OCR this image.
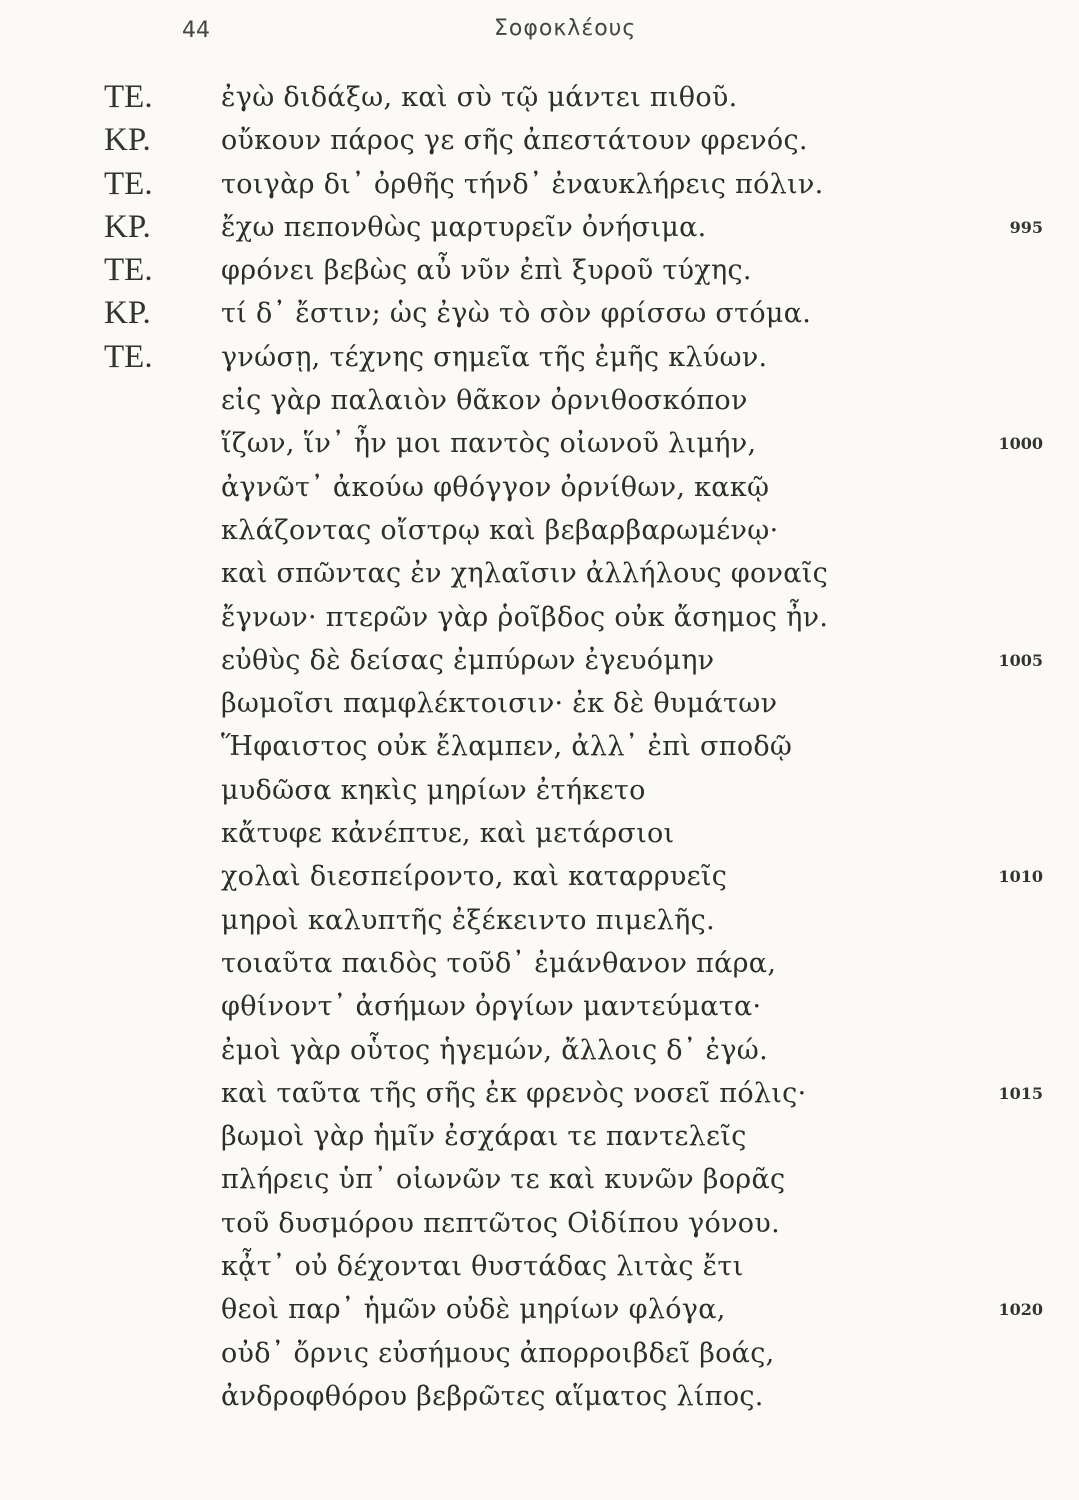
44	Σοφοκλέους
ΤΕ.	ἐγὼ διδάξω, καὶ σὺ τῷ μάντει πιθοῦ.
ΚΡ.	οὔκουν πάρος γε σῆς ἀπεστάτουν φρενός.
ΤΕ.	τοιγὰρ δι᾽ ὀρθῆς τήνδ᾽ ἐναυκλήρεις πόλιν.
ΚΡ.	ἔχω πεπονθὼς μαρτυρεῖν ὀνήσιμα.	995
ΤΕ.	φρόνει βεβὼς αὖ νῦν ἐπὶ ξυροῦ τύχης.
ΚΡ.	τί δ᾽ ἔστιν; ὡς ἐγὼ τὸ σὸν φρίσσω στόμα.
ΤΕ.	γνώσῃ, τέχνης σημεῖα τῆς ἐμῆς κλύων.
εἰς γὰρ παλαιὸν θᾶκον ὀρνιθοσκόπον
ἵζων, ἵν᾽ ἦν μοι παντὸς οἰωνοῦ λιμήν,	1000
ἀγνῶτ᾽ ἀκούω φθόγγον ὀρνίθων, κακῷ
κλάζοντας οἴστρῳ καὶ βεβαρβαρωμένῳ·
καὶ σπῶντας ἐν χηλαῖσιν ἀλλήλους φοναῖς
ἔγνων· πτερῶν γὰρ ῥοῖβδος οὐκ ἄσημος ἦν.
εὐθὺς δὲ δείσας ἐμπύρων ἐγευόμην	1005
βωμοῖσι παμφλέκτοισιν· ἐκ δὲ θυμάτων
Ἥφαιστος οὐκ ἔλαμπεν, ἀλλ᾽ ἐπὶ σποδῷ
μυδῶσα κηκὶς μηρίων ἐτήκετο
κἄτυφε κἀνέπτυε, καὶ μετάρσιοι
χολαὶ διεσπείροντο, καὶ καταρρυεῖς	1010
μηροὶ καλυπτῆς ἐξέκειντο πιμελῆς.
τοιαῦτα παιδὸς τοῦδ᾽ ἐμάνθανον πάρα,
φθίνοντ᾽ ἀσήμων ὀργίων μαντεύματα·
ἐμοὶ γὰρ οὗτος ἡγεμών, ἄλλοις δ᾽ ἐγώ.
καὶ ταῦτα τῆς σῆς ἐκ φρενὸς νοσεῖ πόλις·	1015
βωμοὶ γὰρ ἡμῖν ἐσχάραι τε παντελεῖς
πλήρεις ὑπ᾽ οἰωνῶν τε καὶ κυνῶν βορᾶς
τοῦ δυσμόρου πεπτῶτος Οἰδίπου γόνου.
κᾆτ᾽ οὐ δέχονται θυστάδας λιτὰς ἔτι
θεοὶ παρ᾽ ἡμῶν οὐδὲ μηρίων φλόγα,	1020
οὐδ᾽ ὄρνις εὐσήμους ἀπορροιβδεῖ βοάς,
ἀνδροφθόρου βεβρῶτες αἵματος λίπος.
